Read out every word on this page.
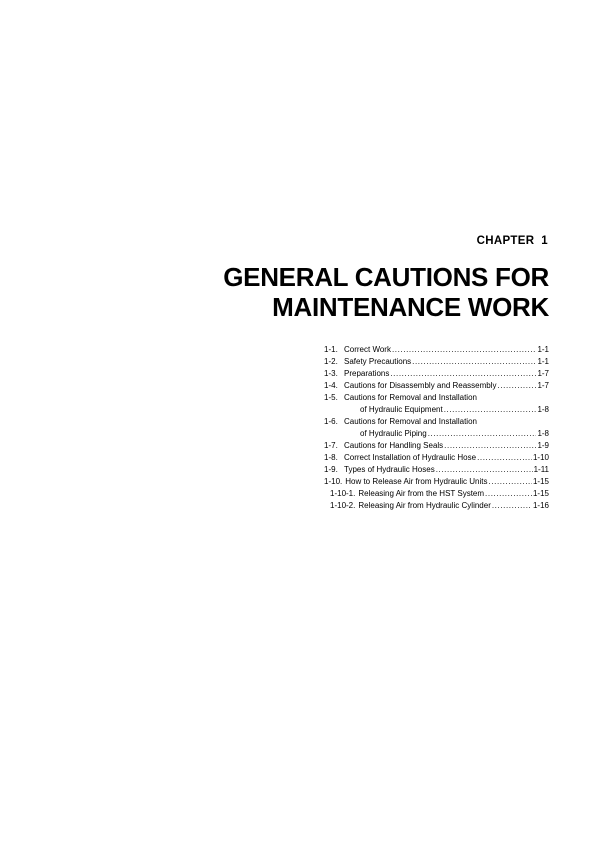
CHAPTER  1
GENERAL CAUTIONS FOR
MAINTENANCE WORK
1-1. Correct Work .....	1-1
1-2. Safety Precautions .....	1-1
1-3. Preparations .....	1-7
1-4. Cautions for Disassembly and Reassembly .....	1-7
1-5. Cautions for Removal and Installation
of Hydraulic Equipment .....	1-8
1-6. Cautions for Removal and Installation
of Hydraulic Piping .....	1-8
1-7. Cautions for Handling Seals .....	1-9
1-8. Correct Installation of Hydraulic Hose .....	1-10
1-9. Types of Hydraulic Hoses .....	1-11
1-10. How to Release Air from Hydraulic Units .....	1-15
1-10-1. Releasing Air from the HST System .....	1-15
1-10-2. Releasing Air from Hydraulic Cylinder .....	1-16
